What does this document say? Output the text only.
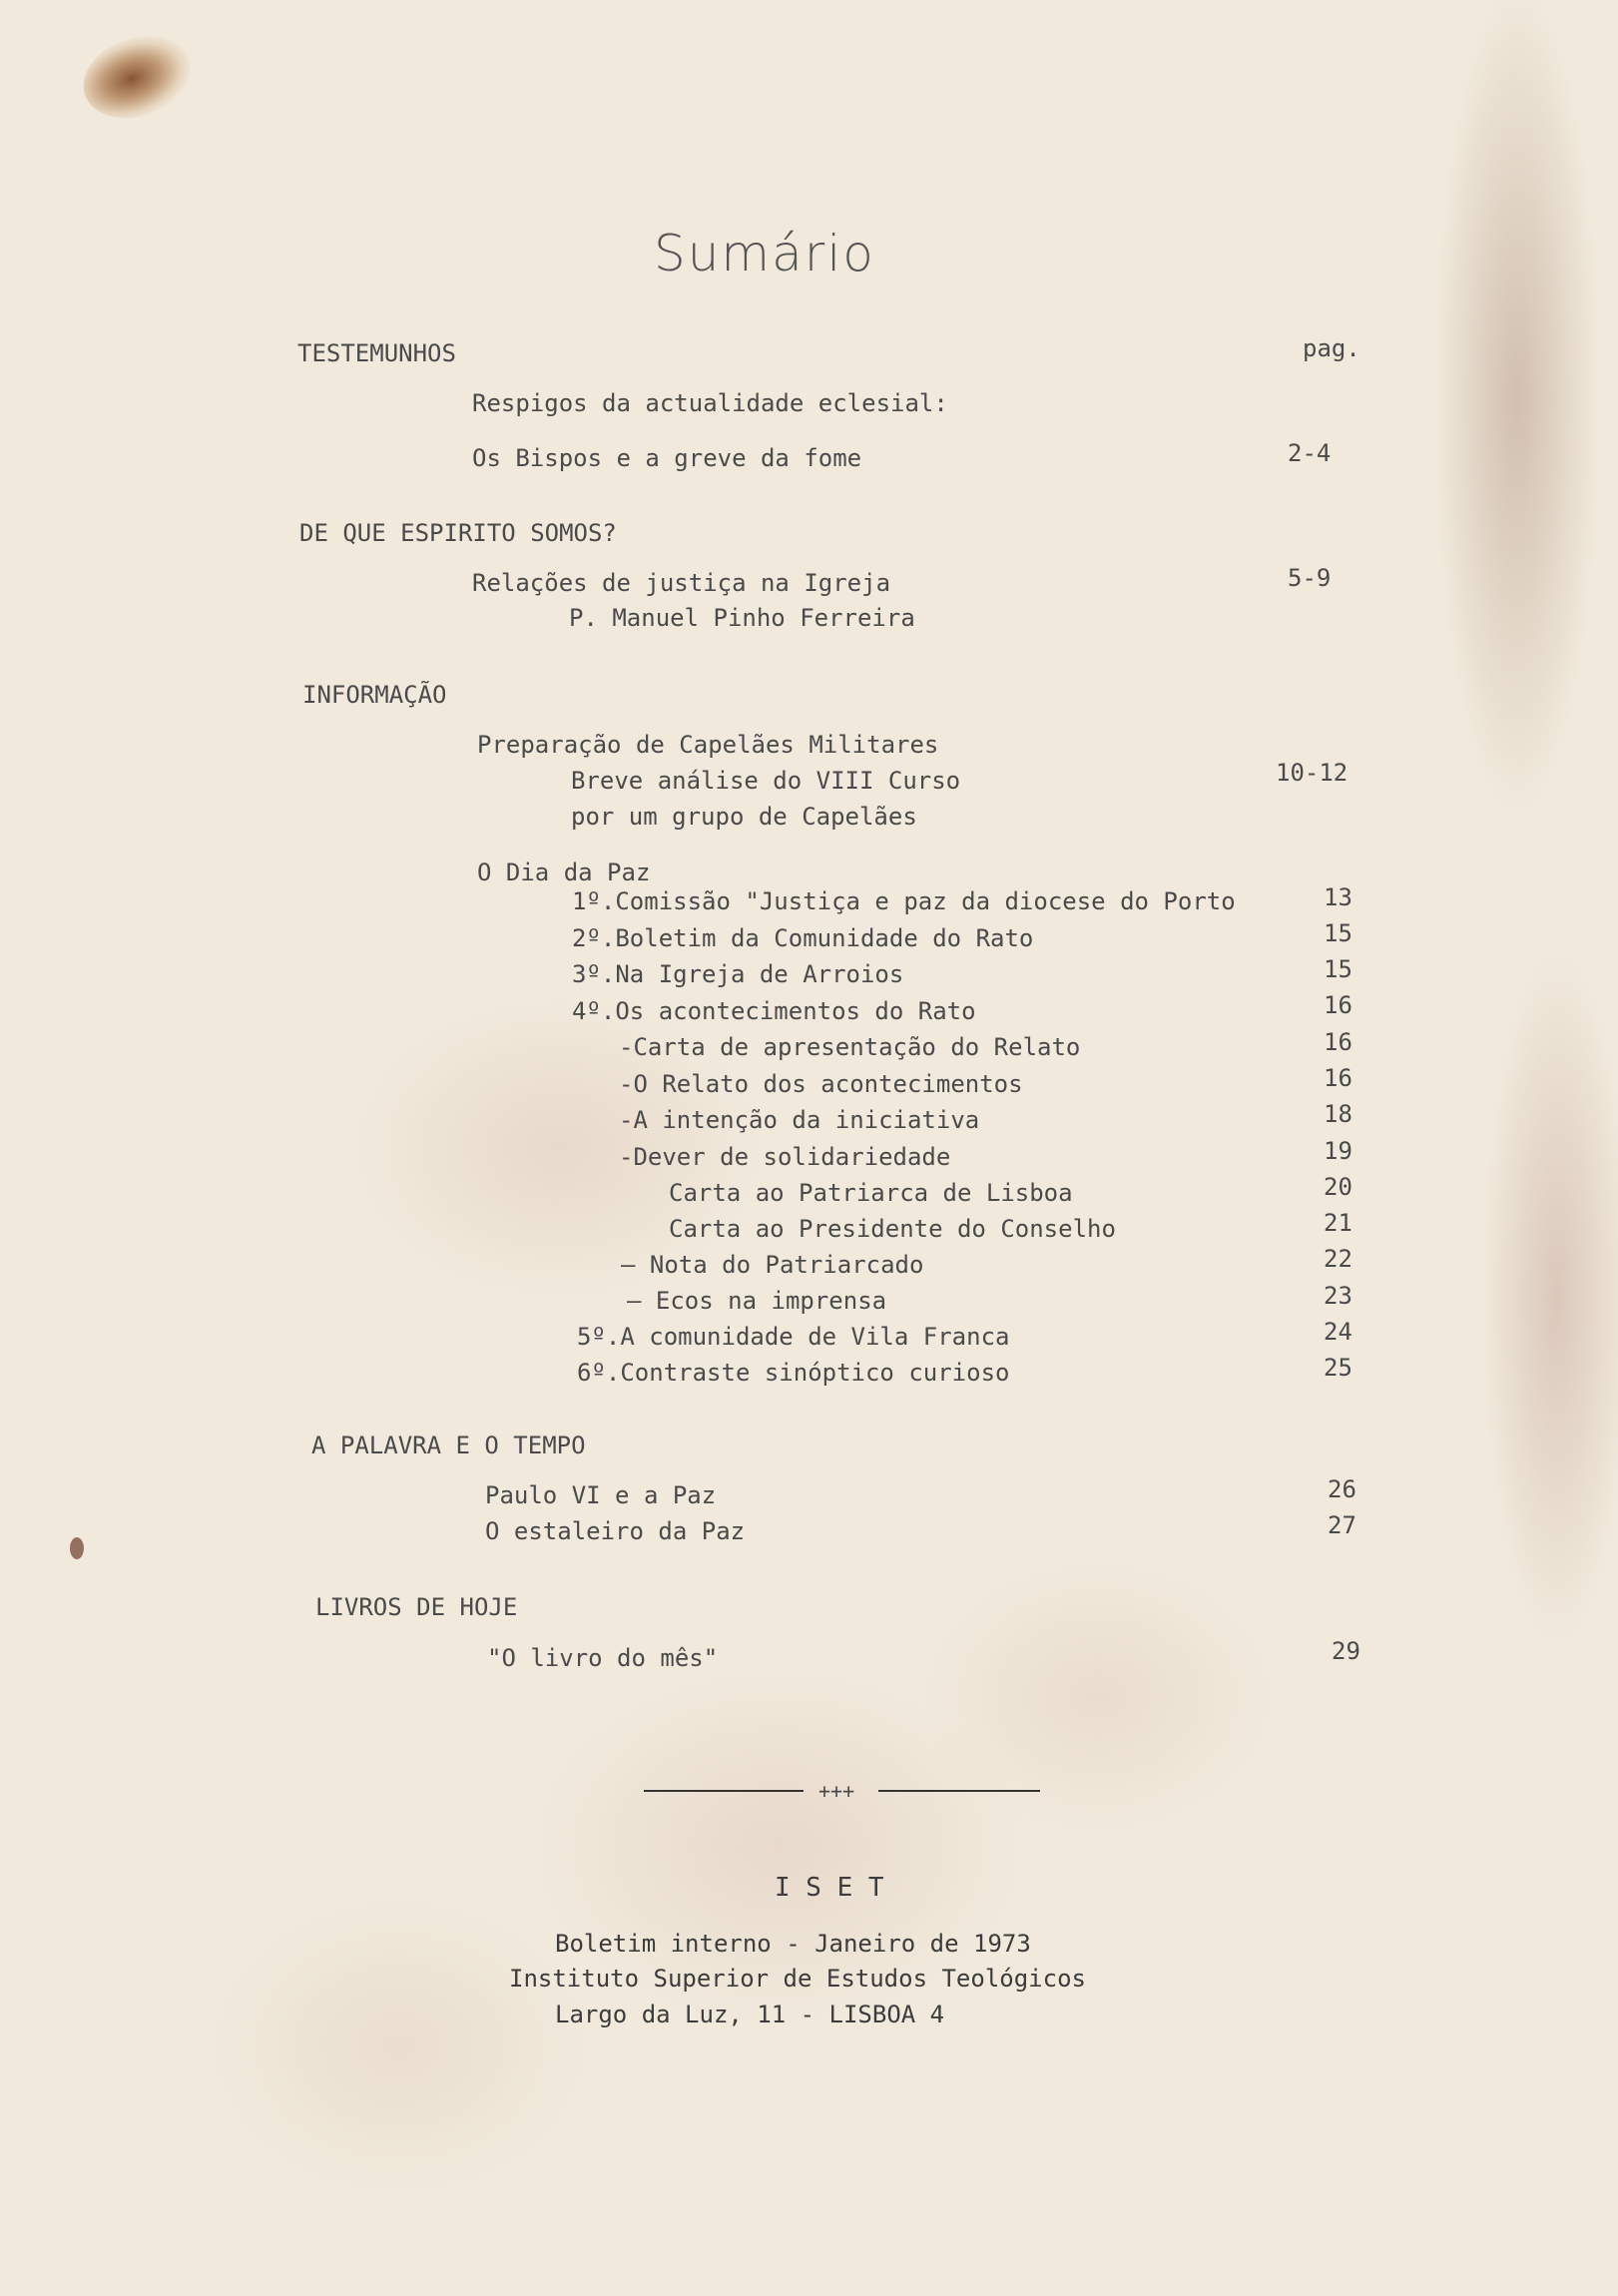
Sumário
pag.
TESTEMUNHOS
Respigos da actualidade eclesial:
Os Bispos e a greve da fome	2-4
DE QUE ESPIRITO SOMOS?
Relações de justiça na Igreja	5-9
P. Manuel Pinho Ferreira
INFORMAÇÃO
Preparação de Capelães Militares
Breve análise do VIII Curso	10-12
por um grupo de Capelães
O Dia da Paz
1º.Comissão "Justiça e paz da diocese do Porto	13
2º.Boletim da Comunidade do Rato	15
3º.Na Igreja de Arroios	15
4º.Os acontecimentos do Rato	16
-Carta de apresentação do Relato	16
-O Relato dos acontecimentos	16
-A intenção da iniciativa	18
-Dever de solidariedade	19
Carta ao Patriarca de Lisboa	20
Carta ao Presidente do Conselho	21
– Nota do Patriarcado	22
– Ecos na imprensa	23
5º.A comunidade de Vila Franca	24
6º.Contraste sinóptico curioso	25
A PALAVRA E O TEMPO
Paulo VI e a Paz	26
O estaleiro da Paz	27
LIVROS DE HOJE
"O livro do mês"	29
+++
I S E T
Boletim interno - Janeiro de 1973
Instituto Superior de Estudos Teológicos
Largo da Luz, 11 - LISBOA 4
